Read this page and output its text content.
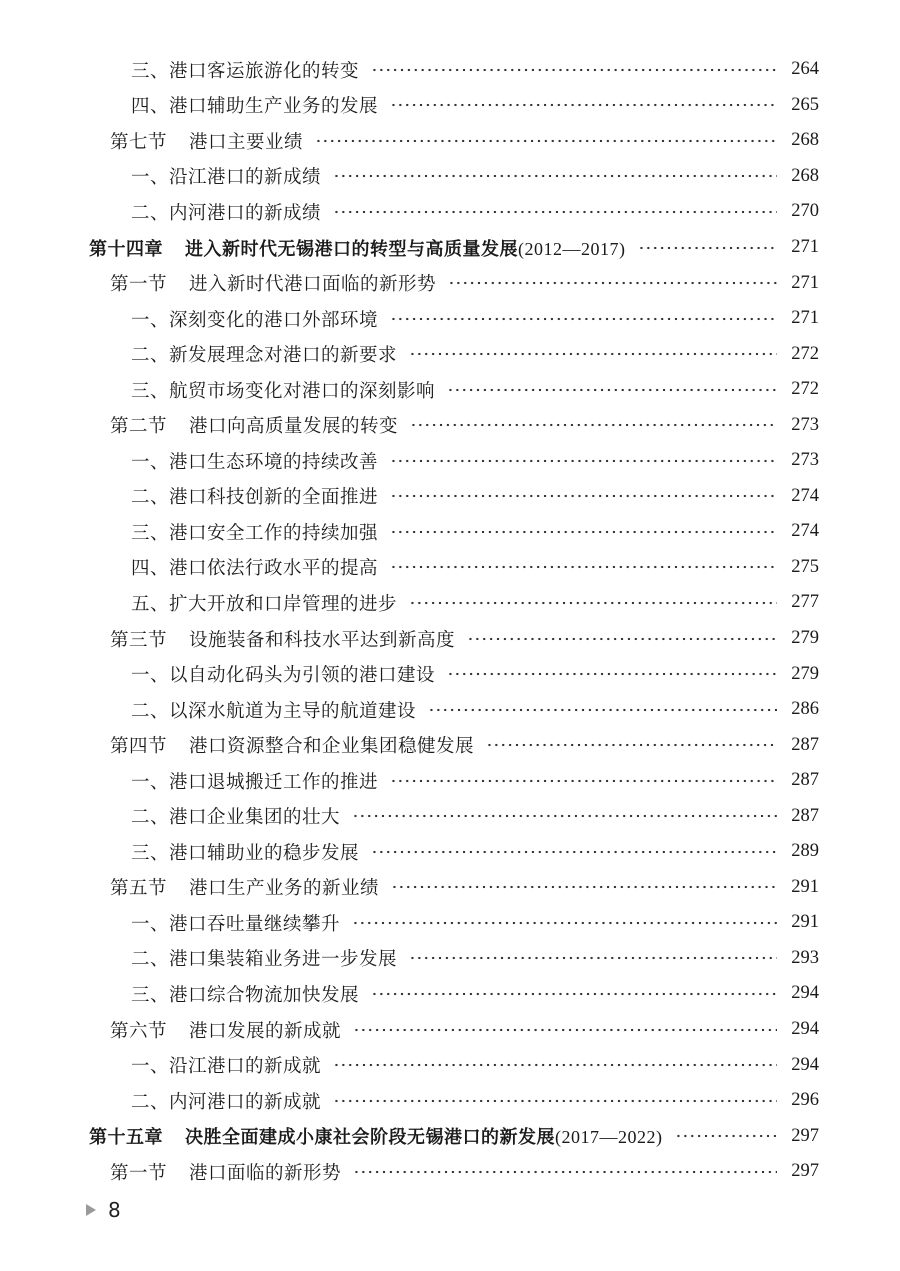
三、港口客运旅游化的转变	264
四、港口辅助生产业务的发展	265
第七节 港口主要业绩	268
一、沿江港口的新成绩	268
二、内河港口的新成绩	270
第十四章 进入新时代无锡港口的转型与高质量发展(2012—2017)	271
第一节 进入新时代港口面临的新形势	271
一、深刻变化的港口外部环境	271
二、新发展理念对港口的新要求	272
三、航贸市场变化对港口的深刻影响	272
第二节 港口向高质量发展的转变	273
一、港口生态环境的持续改善	273
二、港口科技创新的全面推进	274
三、港口安全工作的持续加强	274
四、港口依法行政水平的提高	275
五、扩大开放和口岸管理的进步	277
第三节 设施装备和科技水平达到新高度	279
一、以自动化码头为引领的港口建设	279
二、以深水航道为主导的航道建设	286
第四节 港口资源整合和企业集团稳健发展	287
一、港口退城搬迁工作的推进	287
二、港口企业集团的壮大	287
三、港口辅助业的稳步发展	289
第五节 港口生产业务的新业绩	291
一、港口吞吐量继续攀升	291
二、港口集装箱业务进一步发展	293
三、港口综合物流加快发展	294
第六节 港口发展的新成就	294
一、沿江港口的新成就	294
二、内河港口的新成就	296
第十五章 决胜全面建成小康社会阶段无锡港口的新发展(2017—2022)	297
第一节 港口面临的新形势	297
8
